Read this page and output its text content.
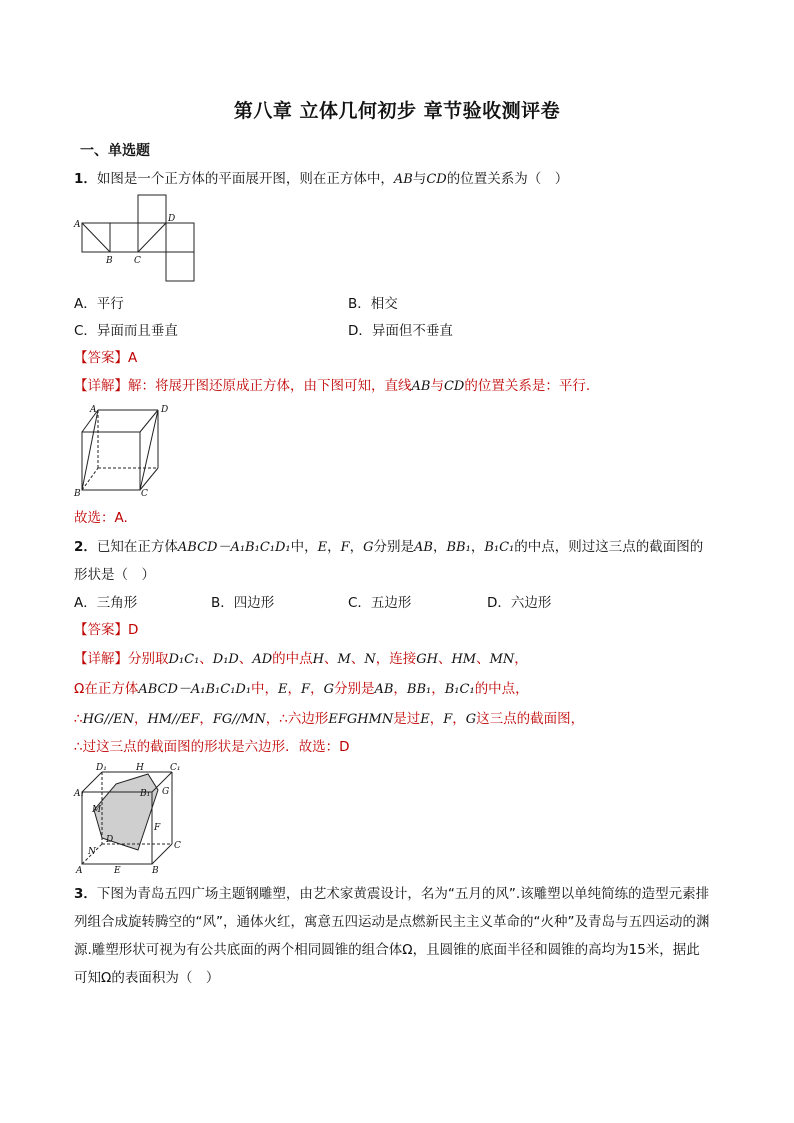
第八章 立体几何初步 章节验收测评卷
一、单选题
1．如图是一个正方体的平面展开图，则在正方体中，AB与CD的位置关系为（　）
A
B C
D
A．平行	B．相交
C．异面而且垂直	D．异面但不垂直
【答案】A
【详解】解：将展开图还原成正方体，由下图可知，直线AB与CD的位置关系是：平行.
A	D
B	C
故选：A.
2．已知在正方体ABCD－A₁B₁C₁D₁中，E，F，G分别是AB，BB₁，B₁C₁的中点，则过这三点的截面图的
形状是（　）
A．三角形	B．四边形	C．五边形	D．六边形
【答案】D
【详解】分别取D₁C₁、D₁D、AD的中点H、M、N，连接GH、HM、MN，
Ω在正方体ABCD－A₁B₁C₁D₁中，E，F，G分别是AB，BB₁，B₁C₁的中点，
∴HG//EN，HM//EF，FG//MN，∴六边形EFGHMN是过E，F，G这三点的截面图，
∴过这三点的截面图的形状是六边形．故选：D
D₁	H	C₁
A₁	B₁ G
M
F
D
N
C
A	E	B
3．下图为青岛五四广场主题钢雕塑，由艺术家黄震设计，名为“五月的风”.该雕塑以单纯简练的造型元素排
列组合成旋转腾空的“风”，通体火红，寓意五四运动是点燃新民主主义革命的“火种”及青岛与五四运动的渊
源.雕塑形状可视为有公共底面的两个相同圆锥的组合体Ω，且圆锥的底面半径和圆锥的高均为15米，据此
可知Ω的表面积为（　）
